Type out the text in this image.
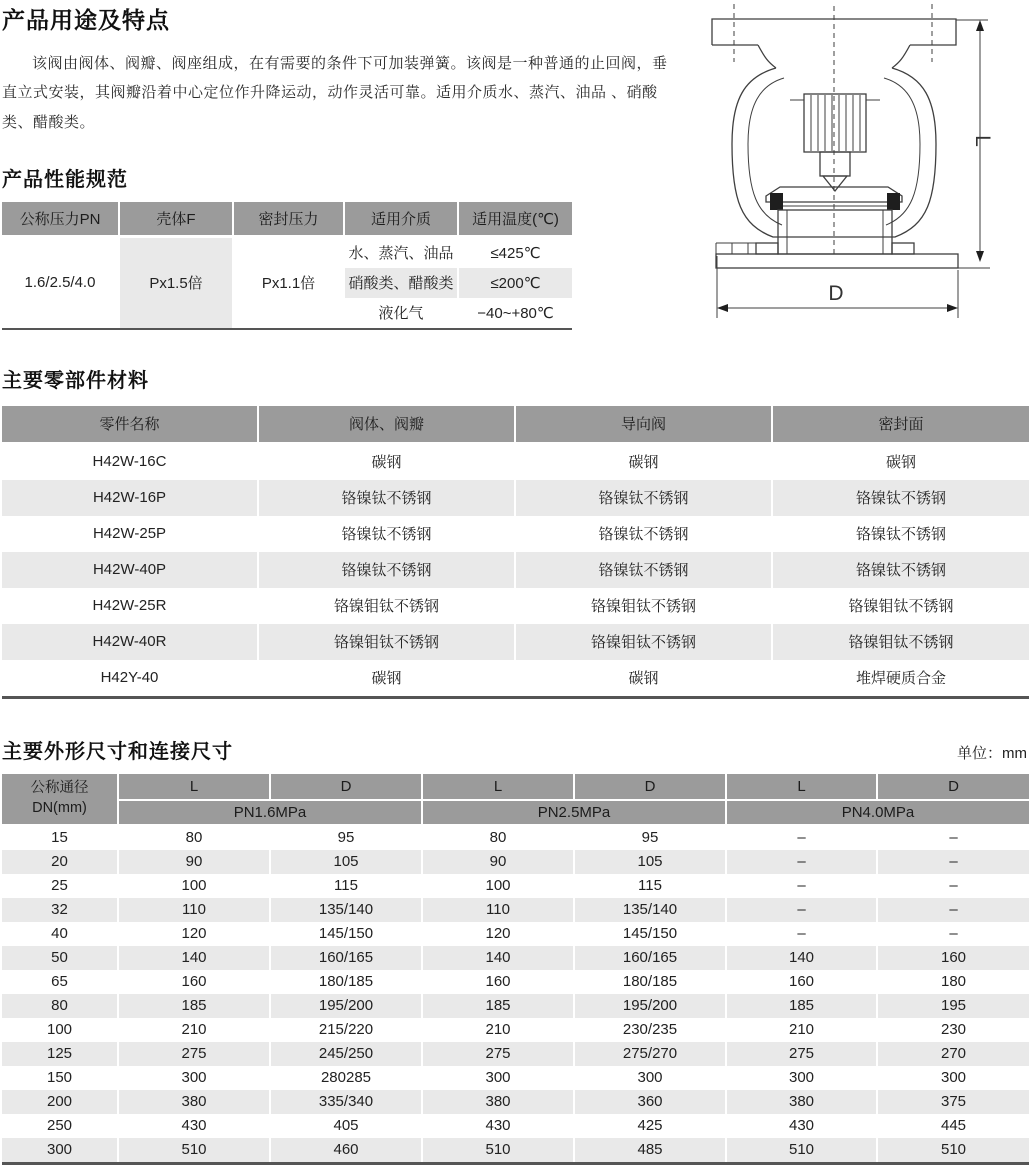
产品用途及特点
该阀由阀体、阀瓣、阀座组成，在有需要的条件下可加装弹簧。该阀是一种普通的止回阀，垂直立式安装，其阀瓣沿着中心定位作升降运动，动作灵活可靠。适用介质水、蒸汽、油品 、硝酸类、醋酸类。
产品性能规范
公称压力PN	壳体F	密封压力	适用介质	适用温度(℃)
1.6/2.5/4.0	Px1.5倍	Px1.1倍	水、蒸汽、油品	≤425℃
			硝酸类、醋酸类	≤200℃
			液化气	−40~+80℃
L
D
主要零部件材料
零件名称	阀体、阀瓣	导向阀	密封面
H42W-16C	碳钢	碳钢	碳钢
H42W-16P	铬镍钛不锈钢	铬镍钛不锈钢	铬镍钛不锈钢
H42W-25P	铬镍钛不锈钢	铬镍钛不锈钢	铬镍钛不锈钢
H42W-40P	铬镍钛不锈钢	铬镍钛不锈钢	铬镍钛不锈钢
H42W-25R	铬镍钼钛不锈钢	铬镍钼钛不锈钢	铬镍钼钛不锈钢
H42W-40R	铬镍钼钛不锈钢	铬镍钼钛不锈钢	铬镍钼钛不锈钢
H42Y-40	碳钢	碳钢	堆焊硬质合金
主要外形尺寸和连接尺寸	单位：mm
公称通径
DN(mm)	L	D	L	D	L	D
	PN1.6MPa		PN2.5MPa		PN4.0MPa	
15	80	95	80	95	–	–
20	90	105	90	105	–	–
25	100	115	100	115	–	–
32	110	135/140	110	135/140	–	–
40	120	145/150	120	145/150	–	–
50	140	160/165	140	160/165	140	160
65	160	180/185	160	180/185	160	180
80	185	195/200	185	195/200	185	195
100	210	215/220	210	230/235	210	230
125	275	245/250	275	275/270	275	270
150	300	280285	300	300	300	300
200	380	335/340	380	360	380	375
250	430	405	430	425	430	445
300	510	460	510	485	510	510
